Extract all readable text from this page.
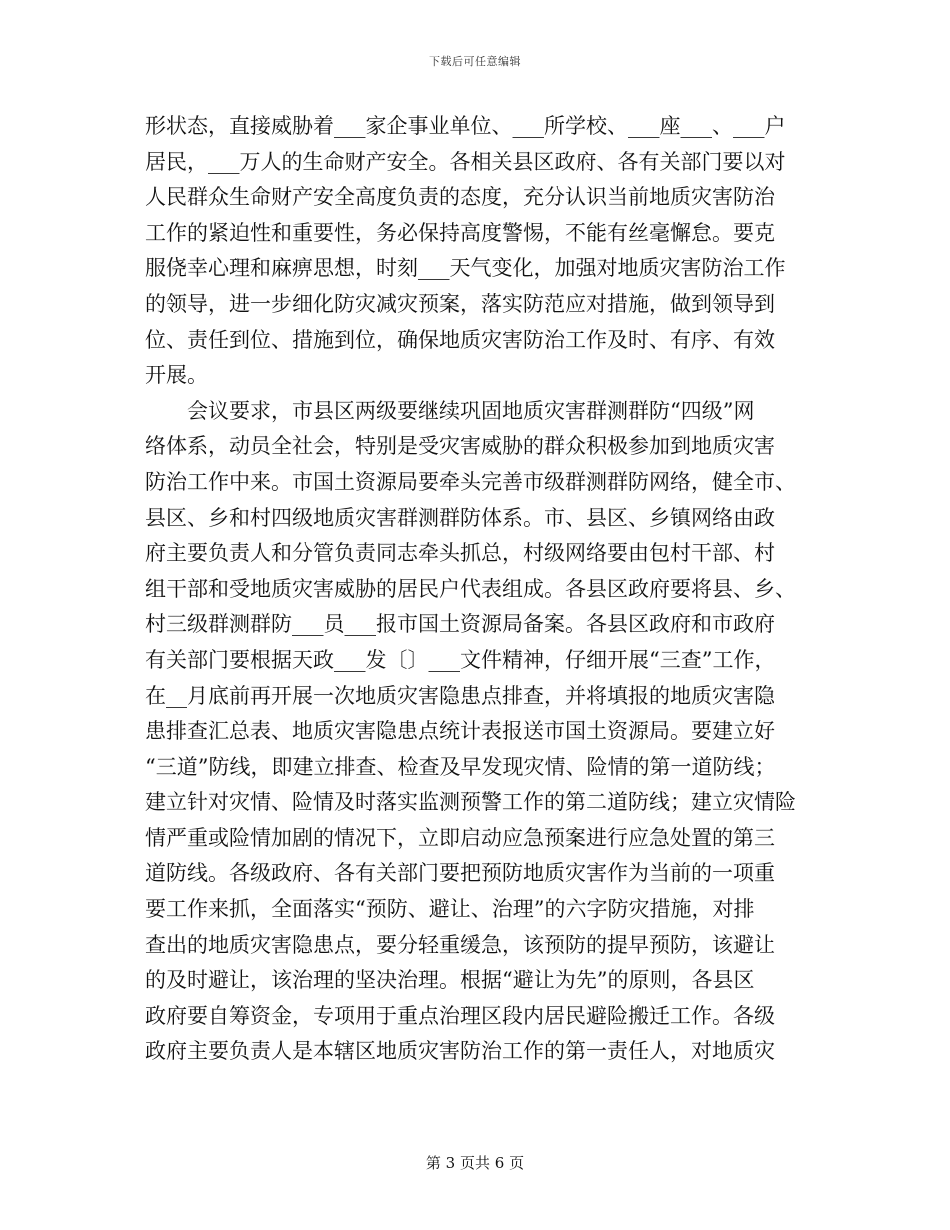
下载后可任意编辑
形状态，直接威胁着___家企事业单位、___所学校、___座___、___户
居民，___万人的生命财产安全。各相关县区政府、各有关部门要以对
人民群众生命财产安全高度负责的态度，充分认识当前地质灾害防治
工作的紧迫性和重要性，务必保持高度警惕，不能有丝毫懈怠。要克
服侥幸心理和麻痹思想，时刻___天气变化，加强对地质灾害防治工作
的领导，进一步细化防灾减灾预案，落实防范应对措施，做到领导到
位、责任到位、措施到位，确保地质灾害防治工作及时、有序、有效
开展。
会议要求，市县区两级要继续巩固地质灾害群测群防“四级”网
络体系，动员全社会，特别是受灾害威胁的群众积极参加到地质灾害
防治工作中来。市国土资源局要牵头完善市级群测群防网络，健全市、
县区、乡和村四级地质灾害群测群防体系。市、县区、乡镇网络由政
府主要负责人和分管负责同志牵头抓总，村级网络要由包村干部、村
组干部和受地质灾害威胁的居民户代表组成。各县区政府要将县、乡、
村三级群测群防___员___报市国土资源局备案。各县区政府和市政府
有关部门要根据天政___发〔〕___文件精神，仔细开展“三查”工作，
在__月底前再开展一次地质灾害隐患点排查，并将填报的地质灾害隐
患排查汇总表、地质灾害隐患点统计表报送市国土资源局。要建立好
“三道”防线，即建立排查、检查及早发现灾情、险情的第一道防线；
建立针对灾情、险情及时落实监测预警工作的第二道防线；建立灾情险
情严重或险情加剧的情况下，立即启动应急预案进行应急处置的第三
道防线。各级政府、各有关部门要把预防地质灾害作为当前的一项重
要工作来抓，全面落实“预防、避让、治理”的六字防灾措施，对排
查出的地质灾害隐患点，要分轻重缓急，该预防的提早预防，该避让
的及时避让，该治理的坚决治理。根据“避让为先”的原则，各县区
政府要自筹资金，专项用于重点治理区段内居民避险搬迁工作。各级
政府主要负责人是本辖区地质灾害防治工作的第一责任人，对地质灾
第 3 页共 6 页
